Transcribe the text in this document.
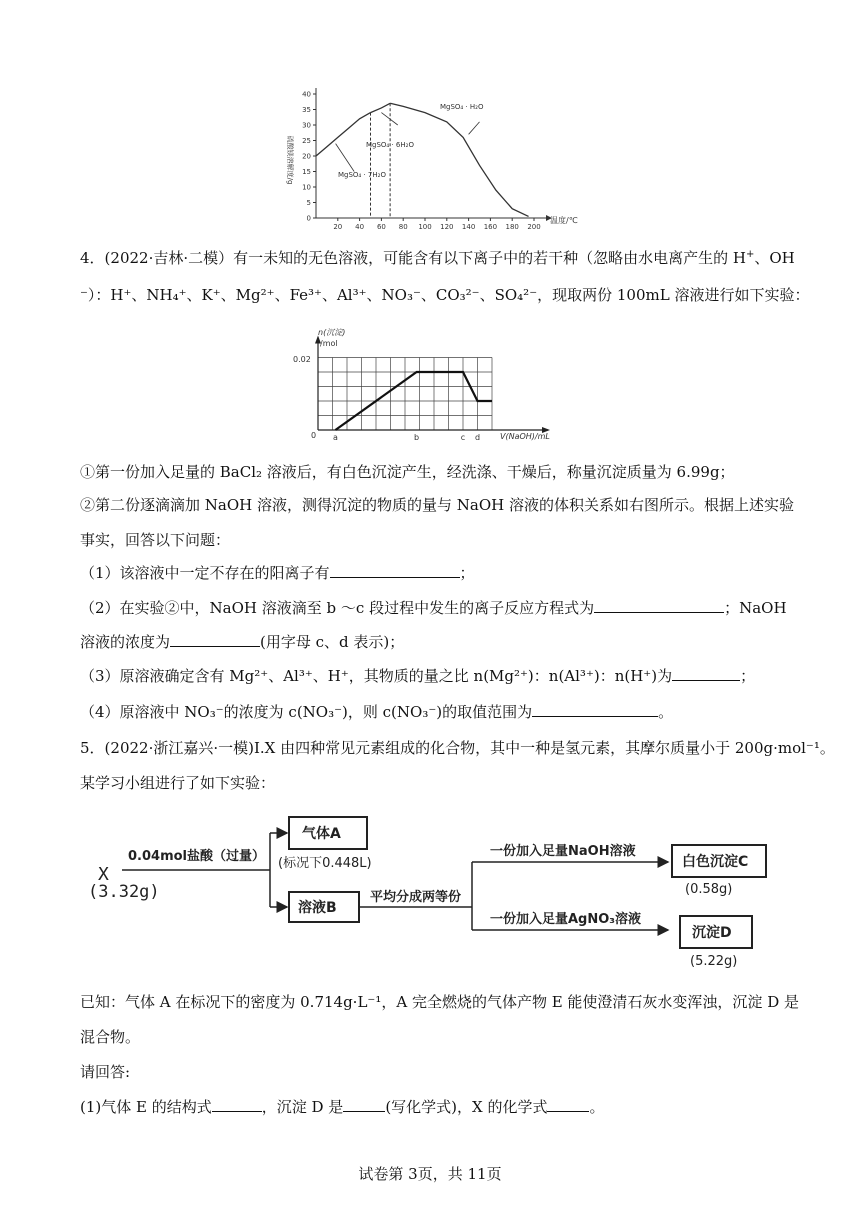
40
35
30
25
20
15
10
5
0
20 40 60 80 100 120 140 160 180 200
硫酸镁溶解度/g
温度/℃
MgSO₄ · H₂O
MgSO₄ · 6H₂O
MgSO₄ · 7H₂O
4．(2022·吉林·二模）有一未知的无色溶液，可能含有以下离子中的若干种（忽略由水电离产生的 H+、OH
⁻）：H⁺、NH₄⁺、K⁺、Mg²⁺、Fe³⁺、Al³⁺、NO₃⁻、CO₃²⁻、SO₄²⁻，现取两份 100mL 溶液进行如下实验：
n(沉淀)
/mol
0.02
0 a	b	c d V(NaOH)/mL
①第一份加入足量的 BaCl₂ 溶液后，有白色沉淀产生，经洗涤、干燥后，称量沉淀质量为 6.99g；
②第二份逐滴滴加 NaOH 溶液，测得沉淀的物质的量与 NaOH 溶液的体积关系如右图所示。根据上述实验
事实，回答以下问题：
（1）该溶液中一定不存在的阳离子有	；
（2）在实验②中，NaOH 溶液滴至 b ～c 段过程中发生的离子反应方程式为	；NaOH
溶液的浓度为	(用字母 c、d 表示)；
（3）原溶液确定含有 Mg²⁺、Al³⁺、H⁺，其物质的量之比 n(Mg²⁺)：n(Al³⁺)：n(H⁺)为	；
（4）原溶液中 NO₃⁻的浓度为 c(NO₃⁻)，则 c(NO₃⁻)的取值范围为	。
5．(2022·浙江嘉兴·一模)I.X 由四种常见元素组成的化合物，其中一种是氢元素，其摩尔质量小于 200g·mol⁻¹。
某学习小组进行了如下实验：
X
(3.32g)
0.04mol盐酸（过量）
气体A
(标况下0.448L)
溶液B
平均分成两等份
一份加入足量NaOH溶液
一份加入足量AgNO₃溶液
白色沉淀C
(0.58g)
沉淀D
(5.22g)
已知：气体 A 在标况下的密度为 0.714g·L⁻¹，A 完全燃烧的气体产物 E 能使澄清石灰水变浑浊，沉淀 D 是
混合物。
请回答:
(1)气体 E 的结构式	，沉淀 D 是	(写化学式)，X 的化学式	。
试卷第 3页，共 11页
